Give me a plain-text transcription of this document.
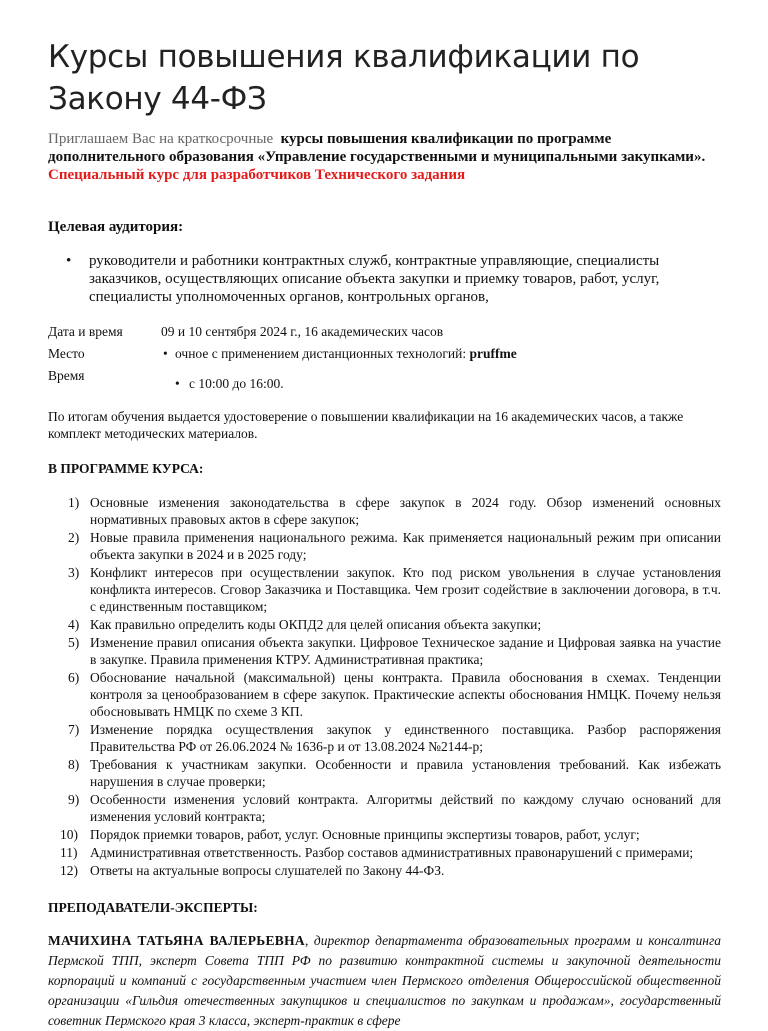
Курсы повышения квалификации по Закону 44-ФЗ
Приглашаем Вас на краткосрочные курсы повышения квалификации по программе дополнительного образования «Управление государственными и муниципальными закупками».
Специальный курс для разработчиков Технического задания
Целевая аудитория:
• руководители и работники контрактных служб, контрактные управляющие, специалисты заказчиков, осуществляющих описание объекта закупки и приемку товаров, работ, услуг, специалисты уполномоченных органов, контрольных органов,
Дата и время	09 и 10 сентября 2024 г., 16 академических часов
Место	• очное с применением дистанционных технологий: pruffme

Время	• с 10:00 до 16:00.
По итогам обучения выдается удостоверение о повышении квалификации на 16 академических часов, а также комплект методических материалов.
В ПРОГРАММЕ КУРСА:
1) Основные изменения законодательства в сфере закупок в 2024 году. Обзор изменений основных нормативных правовых актов в сфере закупок;
2) Новые правила применения национального режима. Как применяется национальный режим при описании объекта закупки в 2024 и в 2025 году;
3) Конфликт интересов при осуществлении закупок. Кто под риском увольнения в случае установления конфликта интересов. Сговор Заказчика и Поставщика. Чем грозит содействие в заключении договора, в т.ч. с единственным поставщиком;
4) Как правильно определить коды ОКПД2 для целей описания объекта закупки;
5) Изменение правил описания объекта закупки. Цифровое Техническое задание и Цифровая заявка на участие в закупке. Правила применения КТРУ. Административная практика;
6) Обоснование начальной (максимальной) цены контракта. Правила обоснования в схемах. Тенденции контроля за ценообразованием в сфере закупок. Практические аспекты обоснования НМЦК. Почему нельзя обосновывать НМЦК по схеме 3 КП.
7) Изменение порядка осуществления закупок у единственного поставщика. Разбор распоряжения Правительства РФ от 26.06.2024 № 1636-р и от 13.08.2024 №2144-р;
8) Требования к участникам закупки. Особенности и правила установления требований. Как избежать нарушения в случае проверки;
9) Особенности изменения условий контракта. Алгоритмы действий по каждому случаю оснований для изменения условий контракта;
10) Порядок приемки товаров, работ, услуг. Основные принципы экспертизы товаров, работ, услуг;
11) Административная ответственность. Разбор составов административных правонарушений с примерами;
12) Ответы на актуальные вопросы слушателей по Закону 44-ФЗ.
ПРЕПОДАВАТЕЛИ-ЭКСПЕРТЫ:
МАЧИХИНА ТАТЬЯНА ВАЛЕРЬЕВНА, директор департамента образовательных программ и консалтинга Пермской ТПП, эксперт Совета ТПП РФ по развитию контрактной системы и закупочной деятельности корпораций и компаний с государственным участием член Пермского отделения Общероссийской общественной организации «Гильдия отечественных закупщиков и специалистов по закупкам и продажам», государственный советник Пермского края 3 класса, эксперт-практик в сфере
